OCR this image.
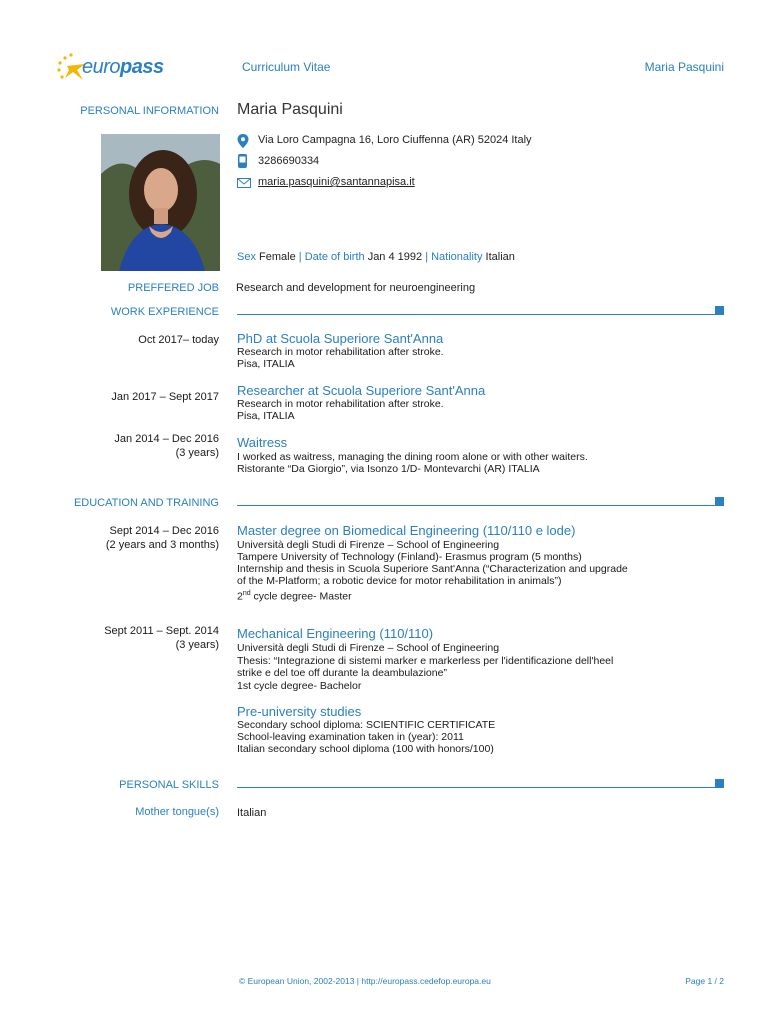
europass	Curriculum Vitae	Maria Pasquini
PERSONAL INFORMATION Maria Pasquini
Via Loro Campagna 16, Loro Ciuffenna (AR) 52024 Italy
3286690334
maria.pasquini@santannapisa.it
Sex Female | Date of birth Jan 4 1992 | Nationality Italian
PREFFERED JOB Research and development for neuroengineering
WORK EXPERIENCE
Oct 2017– today PhD at Scuola Superiore Sant'Anna
Research in motor rehabilitation after stroke.
Pisa, ITALIA
Jan 2017 – Sept 2017 Researcher at Scuola Superiore Sant'Anna
Research in motor rehabilitation after stroke.
Pisa, ITALIA
Jan 2014 – Dec 2016
(3 years)
Waitress
I worked as waitress, managing the dining room alone or with other waiters.
Ristorante “Da Giorgio”, via Isonzo 1/D- Montevarchi (AR) ITALIA
EDUCATION AND TRAINING
Sept 2014 – Dec 2016
(2 years and 3 months)
Master degree on Biomedical Engineering (110/110 e lode)
Università degli Studi di Firenze – School of Engineering
Tampere University of Technology (Finland)- Erasmus program (5 months)
Internship and thesis in Scuola Superiore Sant'Anna (“Characterization and upgrade
of the M-Platform; a robotic device for motor rehabilitation in animals”)
2nd cycle degree- Master
Sept 2011 – Sept. 2014
(3 years)
Mechanical Engineering (110/110)
Università degli Studi di Firenze – School of Engineering
Thesis: “Integrazione di sistemi marker e markerless per l'identificazione dell'heel
strike e del toe off durante la deambulazione”
1st cycle degree- Bachelor
Pre-university studies
Secondary school diploma: SCIENTIFIC CERTIFICATE
School-leaving examination taken in (year): 2011
Italian secondary school diploma (100 with honors/100)
PERSONAL SKILLS
Mother tongue(s) Italian
© European Union, 2002-2013 | http://europass.cedefop.europa.eu	Page 1 / 2
